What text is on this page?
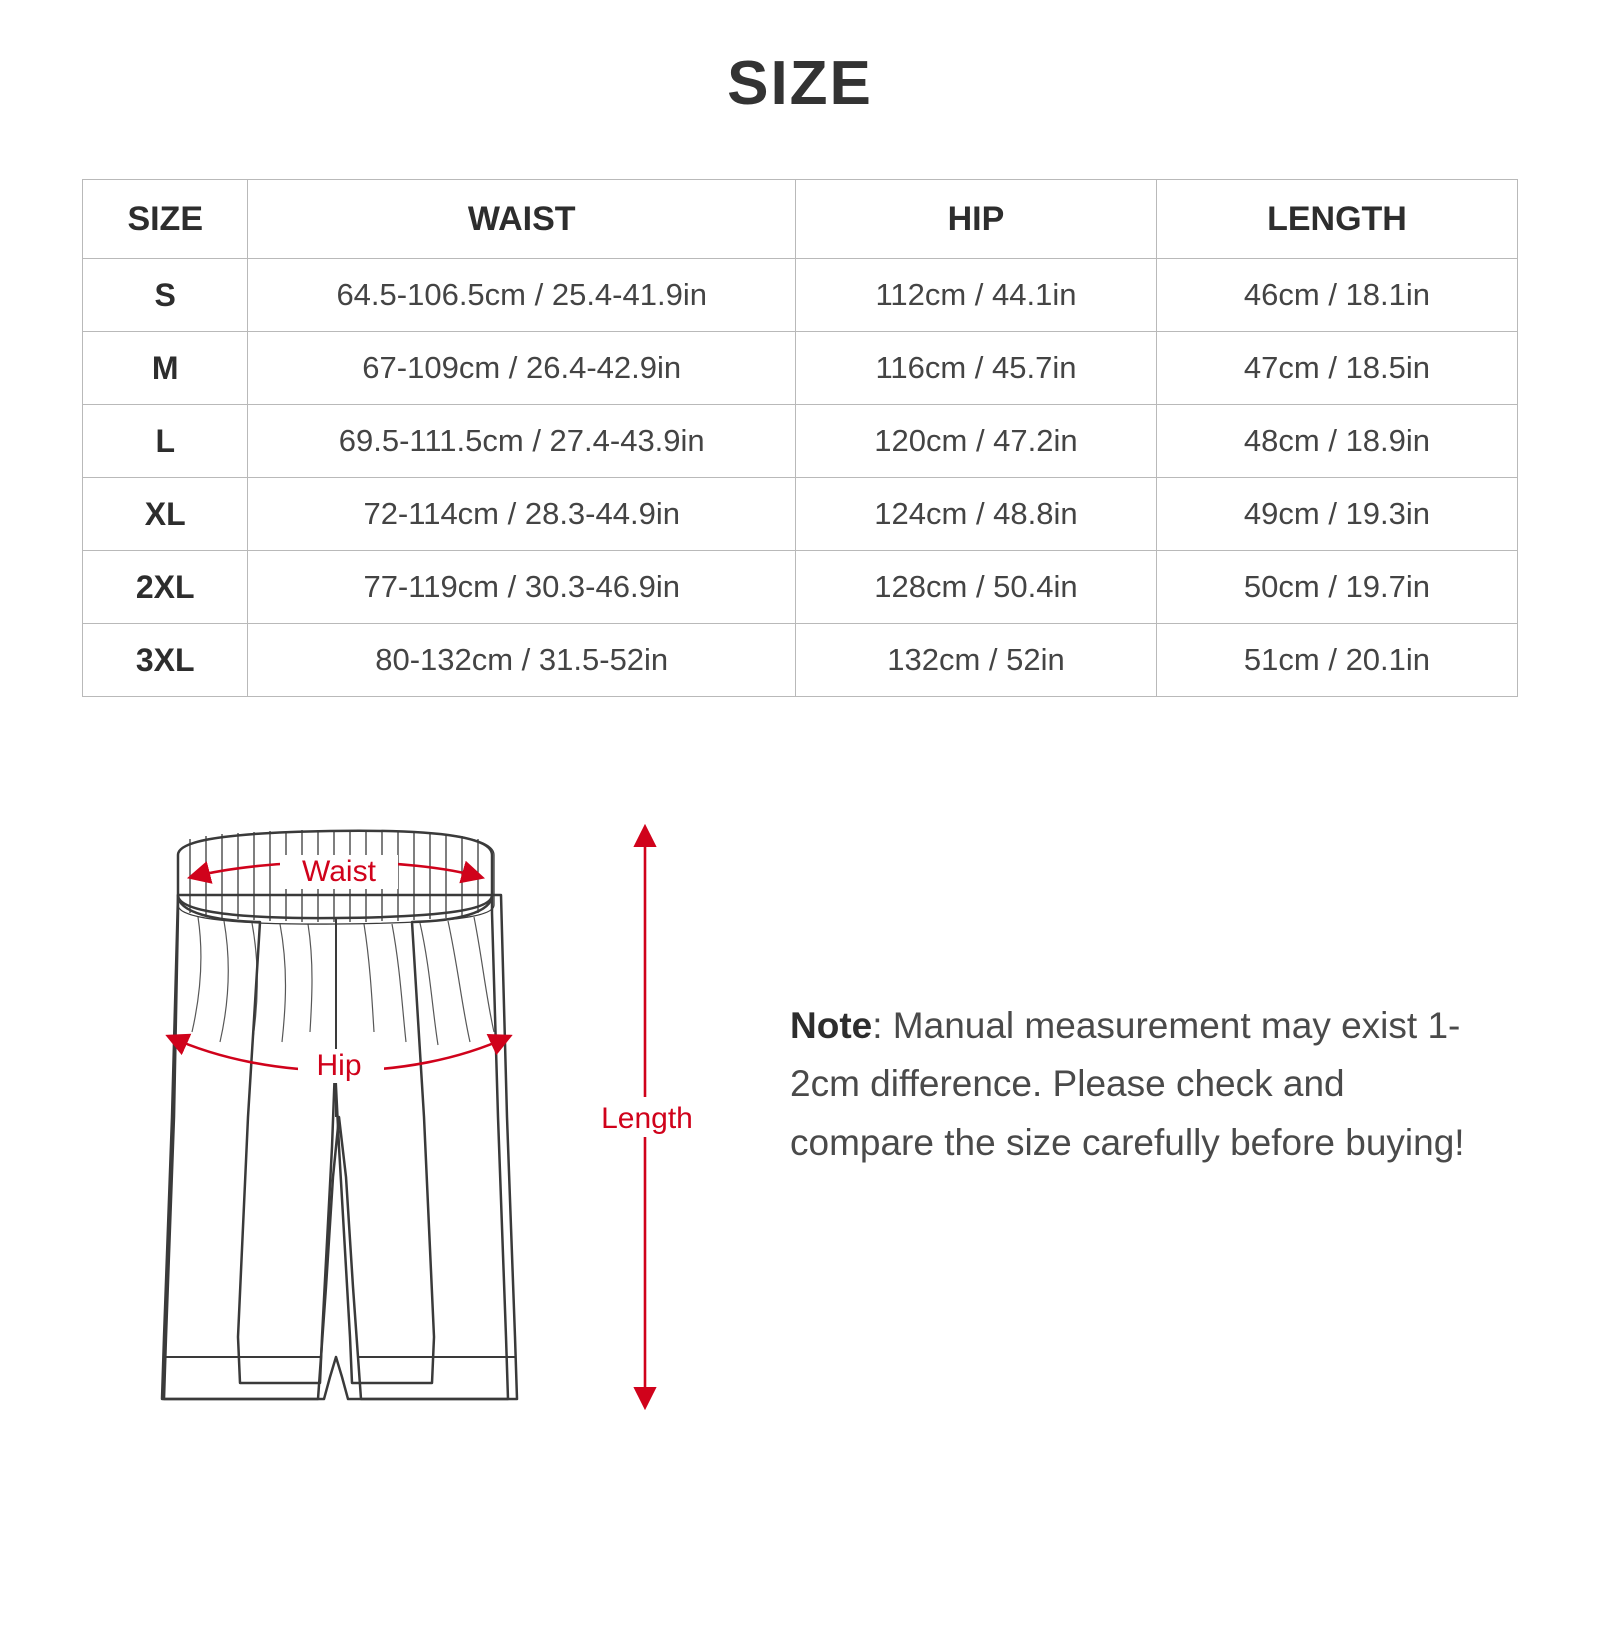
SIZE
SIZE	WAIST	HIP	LENGTH
S	64.5-106.5cm / 25.4-41.9in	112cm / 44.1in	46cm / 18.1in
M	67-109cm / 26.4-42.9in	116cm / 45.7in	47cm / 18.5in
L	69.5-111.5cm / 27.4-43.9in	120cm / 47.2in	48cm / 18.9in
XL	72-114cm / 28.3-44.9in	124cm / 48.8in	49cm / 19.3in
2XL	77-119cm / 30.3-46.9in	128cm / 50.4in	50cm / 19.7in
3XL	80-132cm / 31.5-52in	132cm / 52in	51cm / 20.1in
Waist
Hip
Length
Note: Manual measurement may exist 1-2cm difference. Please check and compare the size carefully before buying!
